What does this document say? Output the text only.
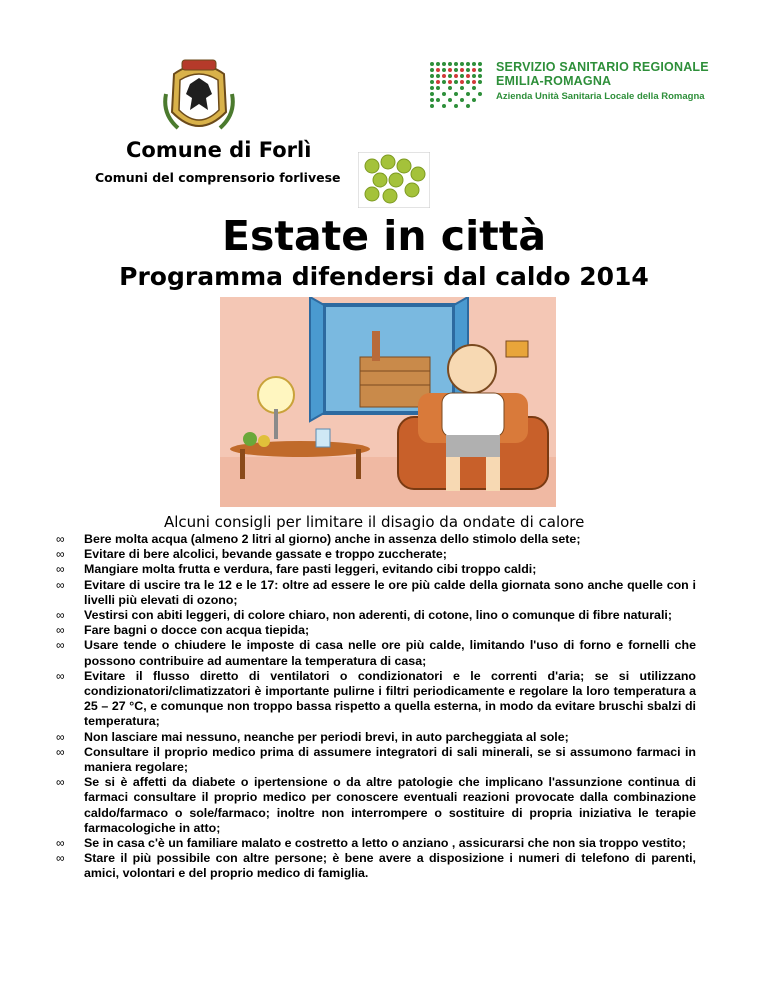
SERVIZIO SANITARIO REGIONALE
EMILIA-ROMAGNA
Azienda Unità Sanitaria Locale della Romagna
Comune di Forlì
Comuni del comprensorio forlivese
Estate in città
Programma difendersi dal caldo 2014
Alcuni consigli per limitare il disagio da ondate di calore
∞ Bere molta acqua (almeno 2 litri al giorno) anche in assenza dello stimolo della sete;
∞ Evitare di bere alcolici, bevande gassate e troppo zuccherate;
∞ Mangiare molta frutta e verdura, fare pasti leggeri, evitando cibi troppo caldi;
∞ Evitare di uscire tra le 12 e le 17: oltre ad essere le ore più calde della giornata sono anche quelle con i livelli più elevati di ozono;
∞ Vestirsi con abiti leggeri, di colore chiaro, non aderenti, di cotone, lino o comunque di fibre naturali;
∞ Fare bagni o docce con acqua tiepida;
∞ Usare tende o chiudere le imposte di casa nelle ore più calde, limitando l'uso di forno e fornelli che possono contribuire ad aumentare la temperatura di casa;
∞ Evitare il flusso diretto di ventilatori o condizionatori e le correnti d'aria; se si utilizzano condizionatori/climatizzatori è importante pulirne i filtri periodicamente e regolare la loro temperatura a 25 – 27 °C, e comunque non troppo bassa rispetto a quella esterna, in modo da evitare bruschi sbalzi di temperatura;
∞ Non lasciare mai nessuno, neanche per periodi brevi, in auto parcheggiata al sole;
∞ Consultare il proprio medico prima di assumere integratori di sali minerali, se si assumono farmaci in maniera regolare;
∞ Se si è affetti da diabete o ipertensione o da altre patologie che implicano l'assunzione continua di farmaci consultare il proprio medico per conoscere eventuali reazioni provocate dalla combinazione caldo/farmaco o sole/farmaco; inoltre non interrompere o sostituire di propria iniziativa le terapie farmacologiche in atto;
∞ Se in casa c'è un familiare malato e costretto a letto o anziano , assicurarsi che non sia troppo vestito;
∞ Stare il più possibile con altre persone; è bene avere a disposizione i numeri di telefono di parenti, amici, volontari e del proprio medico di famiglia.
